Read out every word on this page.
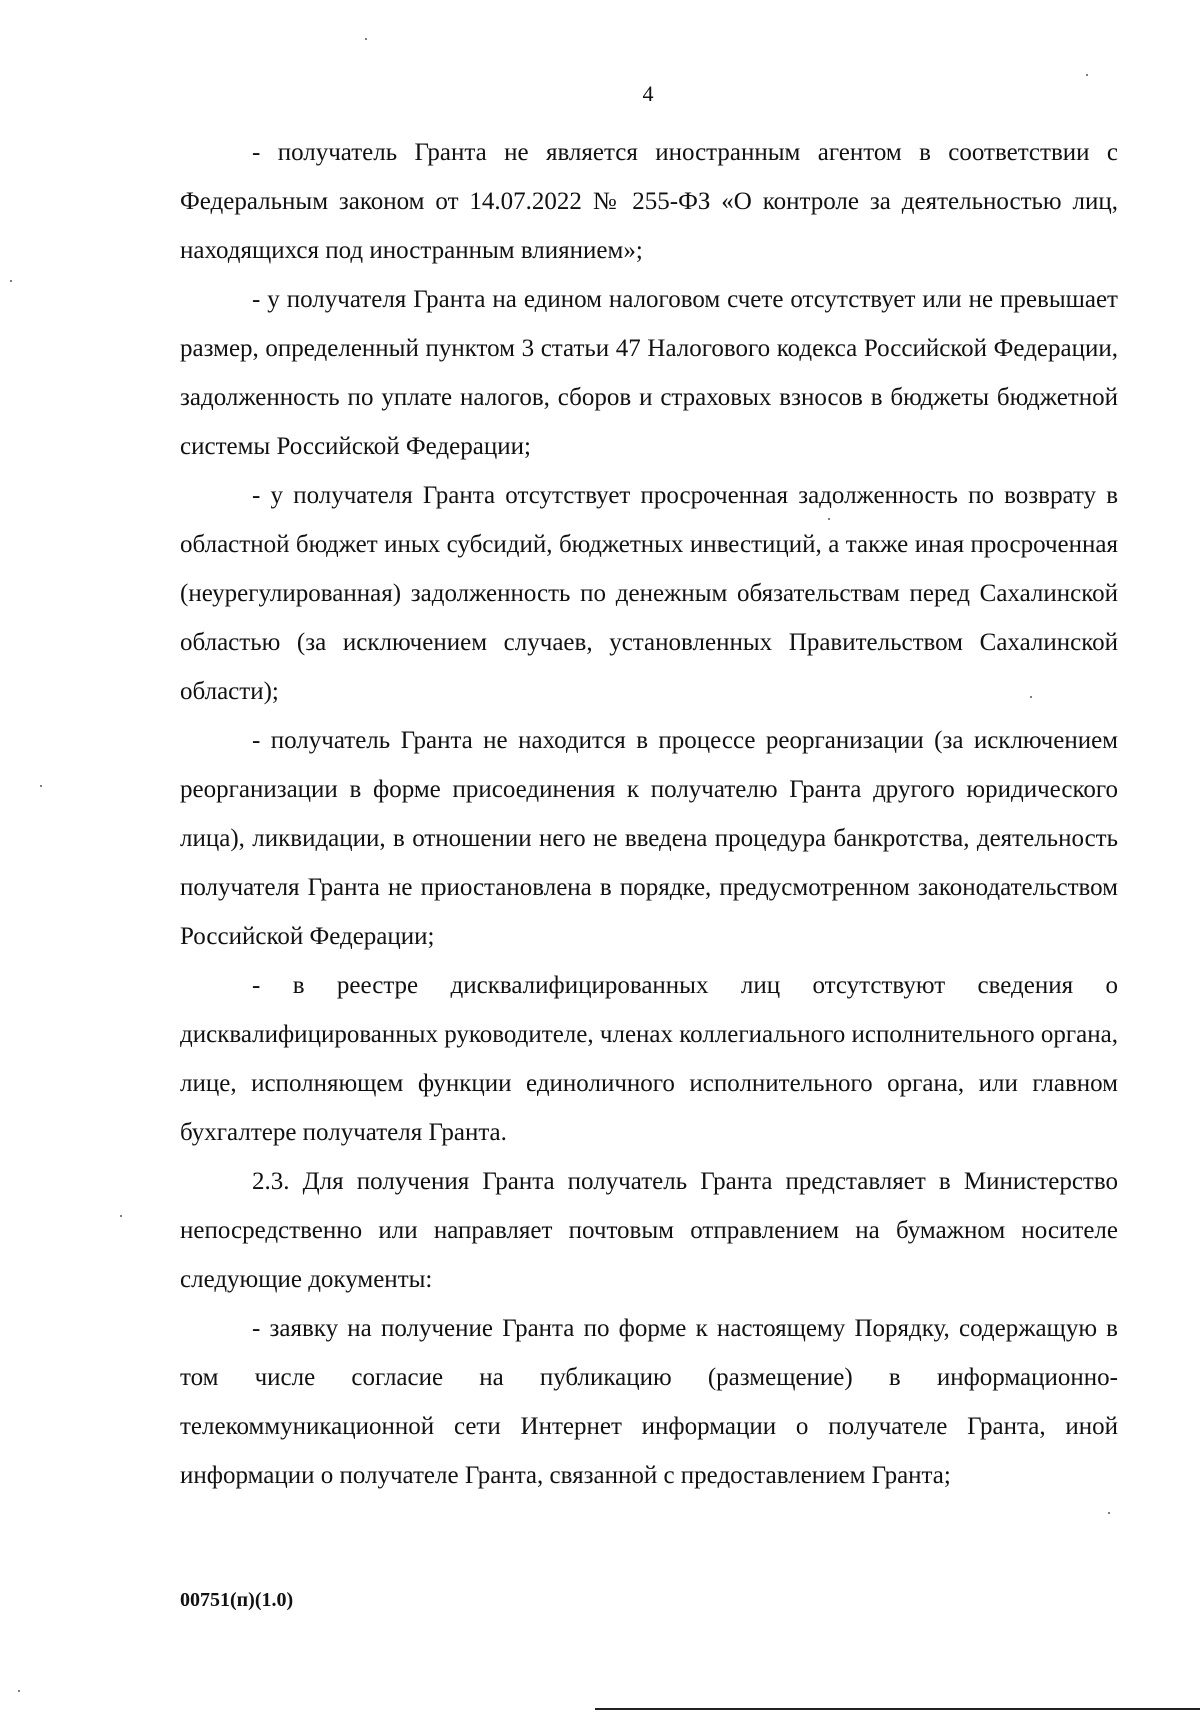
4

- получатель Гранта не является иностранным агентом в соответствии с Федеральным законом от 14.07.2022 № 255-ФЗ «О контроле за деятельностью лиц, находящихся под иностранным влиянием»;

- у получателя Гранта на едином налоговом счете отсутствует или не превышает размер, определенный пунктом 3 статьи 47 Налогового кодекса Российской Федерации, задолженность по уплате налогов, сборов и страховых взносов в бюджеты бюджетной системы Российской Федерации;

- у получателя Гранта отсутствует просроченная задолженность по возврату в областной бюджет иных субсидий, бюджетных инвестиций, а также иная просроченная (неурегулированная) задолженность по денежным обязательствам перед Сахалинской областью (за исключением случаев, установленных Правительством Сахалинской области);

- получатель Гранта не находится в процессе реорганизации (за исключением реорганизации в форме присоединения к получателю Гранта другого юридического лица), ликвидации, в отношении него не введена процедура банкротства, деятельность получателя Гранта не приостановлена в порядке, предусмотренном законодательством Российской Федерации;

- в реестре дисквалифицированных лиц отсутствуют сведения о дисквалифицированных руководителе, членах коллегиального исполнительного органа, лице, исполняющем функции единоличного исполнительного органа, или главном бухгалтере получателя Гранта.

2.3. Для получения Гранта получатель Гранта представляет в Министерство непосредственно или направляет почтовым отправлением на бумажном носителе следующие документы:

- заявку на получение Гранта по форме к настоящему Порядку, содержащую в том числе согласие на публикацию (размещение) в информационно-телекоммуникационной сети Интернет информации о получателе Гранта, иной информации о получателе Гранта, связанной с предоставлением Гранта;

00751(п)(1.0)
